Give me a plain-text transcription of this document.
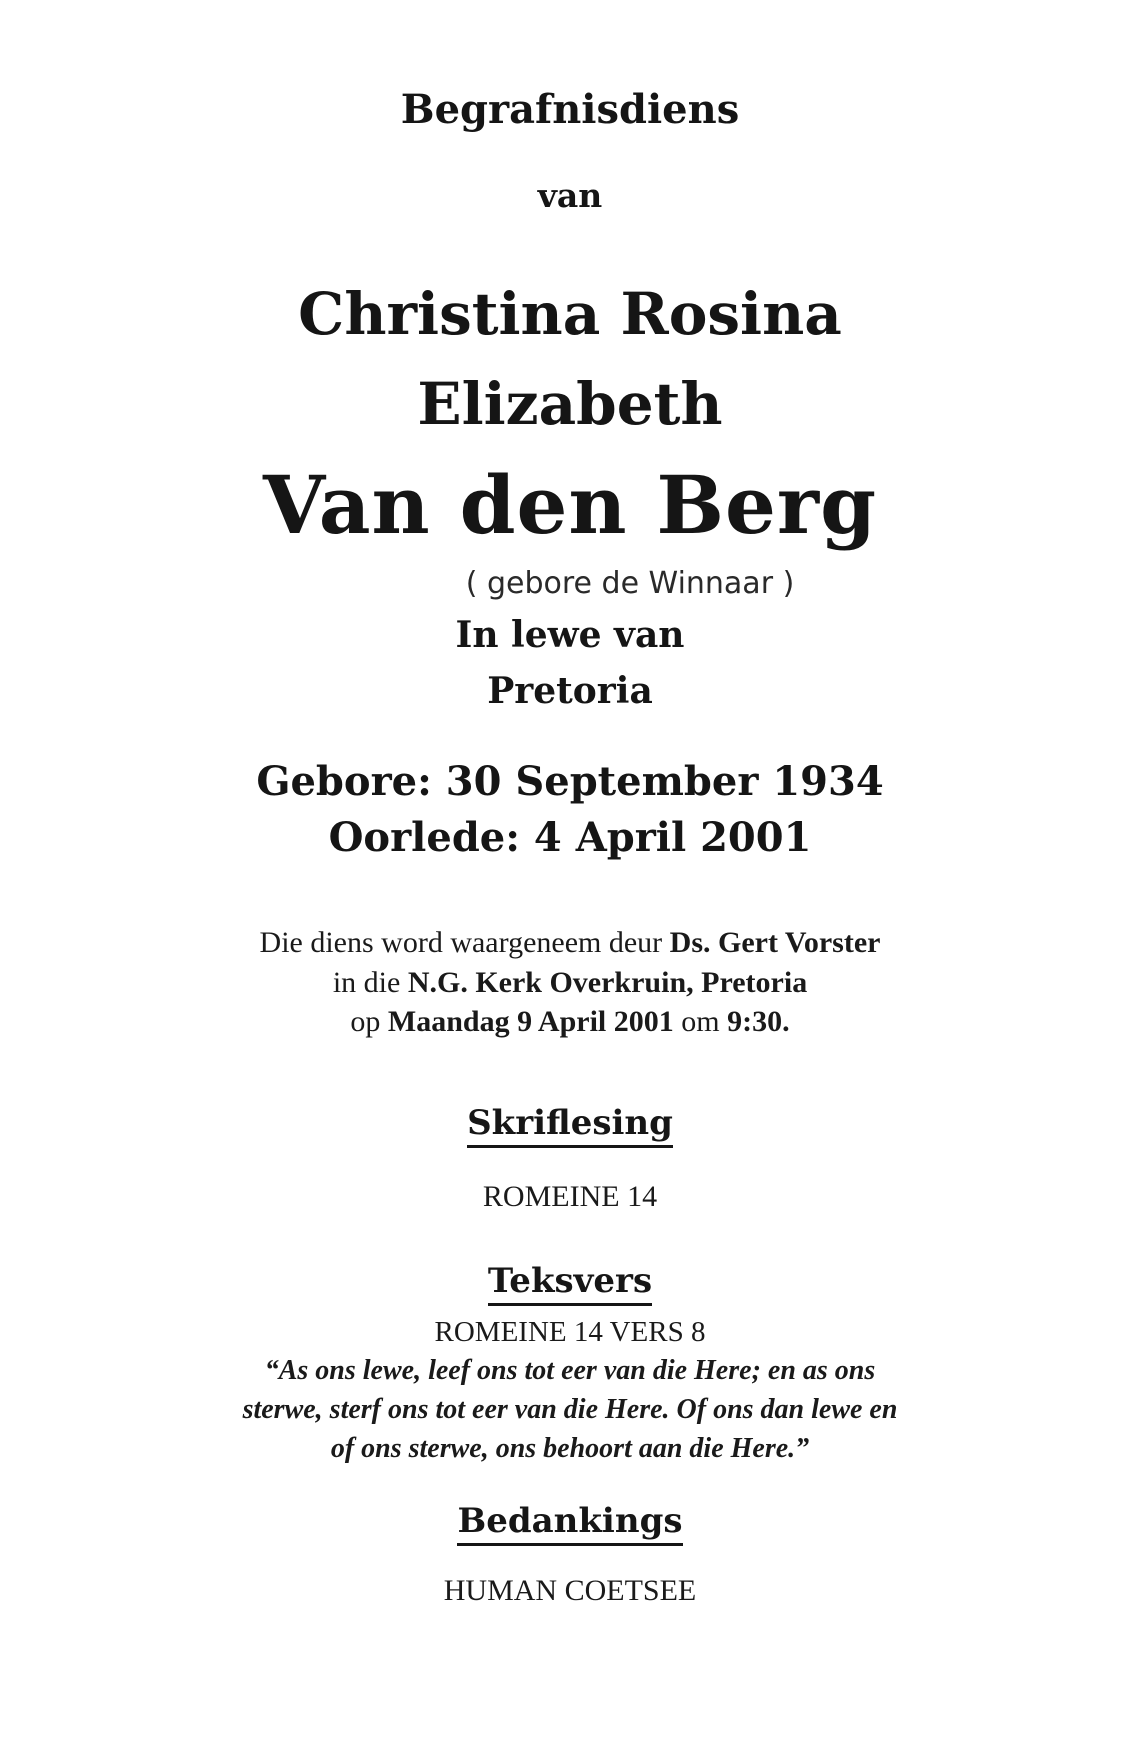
Begrafnisdiens

van

Christina Rosina

Elizabeth

Van den Berg

( gebore de Winnaar )

In lewe van

Pretoria

Gebore: 30 September 1934

Oorlede: 4 April 2001

Die diens word waargeneem deur Ds. Gert Vorster

in die N.G. Kerk Overkruin, Pretoria

op Maandag 9 April 2001 om 9:30.

Skriflesing

ROMEINE 14

Teksvers

ROMEINE 14 VERS 8

“As ons lewe, leef ons tot eer van die Here; en as ons

sterwe, sterf ons tot eer van die Here. Of ons dan lewe en

of ons sterwe, ons behoort aan die Here.”

Bedankings

HUMAN COETSEE
